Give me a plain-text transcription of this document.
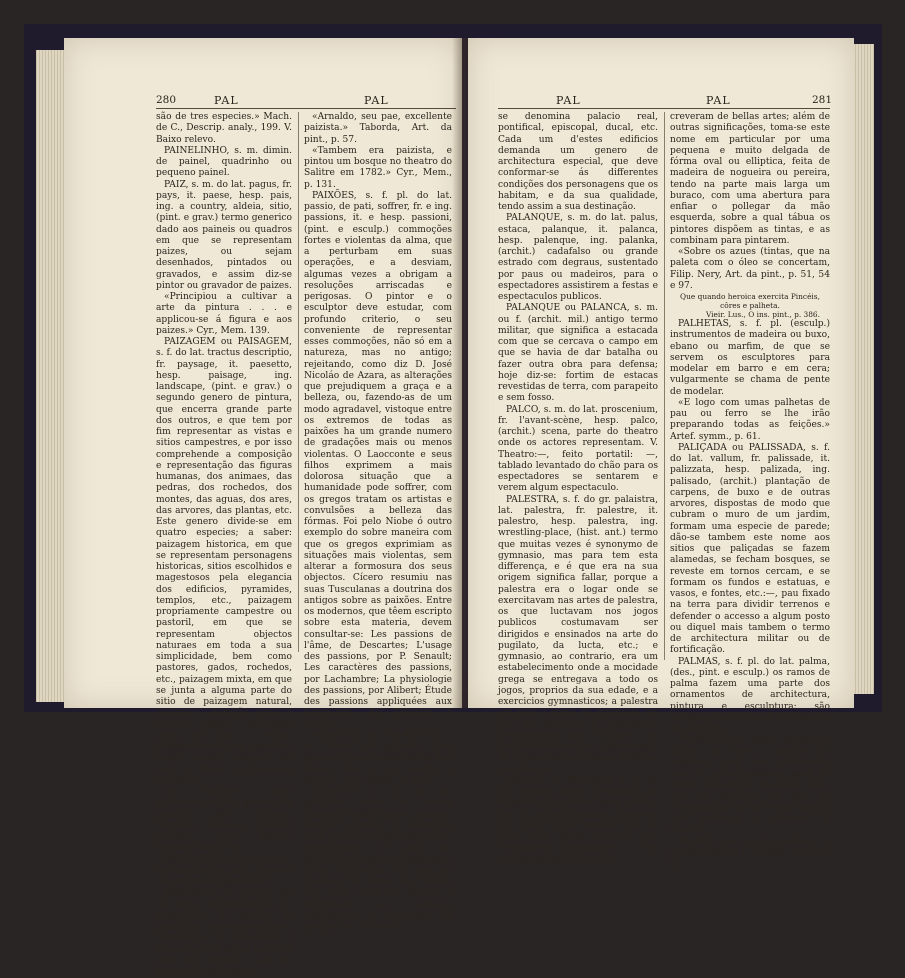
280	PAL	PAL

são de tres especies.» Mach. de C., Descrip. analy., 199. V. Baixo relevo.

PAINELINHO, s. m. dimin. de painel, quadrinho ou pequeno painel.

PAIZ, s. m. do lat. pagus, fr. pays, it. paese, hesp. pais, ing. a country, aldeia, sitio, (pint. e grav.) termo generico dado aos paineis ou quadros em que se representam paizes, ou sejam desenhados, pintados ou gravados, e assim diz-se pintor ou gravador de paizes.

«Principiou a cultivar a arte da pintura . . . e applicou-se á figura e aos paizes.» Cyr., Mem. 139.

PAIZAGEM ou PAISAGEM, s. f. do lat. tractus descriptio, fr. paysage, it. paesetto, hesp. paisage, ing. landscape, (pint. e grav.) o segundo genero de pintura, que encerra grande parte dos outros, e que tem por fim representar as vistas e sitios campestres, e por isso comprehende a composição e representação das figuras humanas, dos animaes, das pedras, dos rochedos, dos montes, das aguas, dos ares, das arvores, das plantas, etc. Este genero divide-se em quatro especies; a saber: paizagem historica, em que se representam personagens historicas, sitios escolhidos e magestosos pela elegancia dos edificios, pyramides, templos, etc., paizagem propriamente campestre ou pastoril, em que se representam objectos naturaes em toda a sua simplicidade, bem como pastores, gados, rochedos, etc., paizagem mixta, em que se junta a alguma parte do sitio de paizagem natural, qualquer alteração para o melhor effeito, paizagem ideal, em que o artista livremente compõe o quadro, tendo porém sempre em vista o effeito da natureza em geral.

Os auctores mais abalisados n'este genero de pintura são Ticiano, Carache, Poussin, Claudio Lorrene, Paulo Pottar, Salvador Rosa, etc.

PAIZAGISTA, s. m. dos 2 g., do caracter de paiz, o pintor ou pintora de paizagens.

PAIZISTA, s. m. dos 2 g., do lat. pictor topographicus, fr. paysagiste, it. pittore di paesi, ing. landscape-painter, contracção de paizagista: o artista que se dá ou entre os sexo que exercita a arte de pintura de paizagens.

«Arnaldo, seu pae, excellente paizista.» Taborda, Art. da pint., p. 57.

«Tambem era paizista, e pintou um bosque no theatro do Salitre em 1782.» Cyr., Mem., p. 131.

PAIXÕES, s. f. pl. do lat. passio, de pati, soffrer, fr. e ing. passions, it. e hesp. passioni, (pint. e esculp.) commoções fortes e violentas da alma, que a perturbam em suas operações, e a desviam, algumas vezes a obrigam a resoluções arriscadas e perigosas. O pintor e o esculptor deve estudar, com profundo criterio, o seu conveniente de representar esses commoções, não só em a natureza, mas no antigo; rejeitando, como diz D. José Nicoláo de Azara, as alterações que prejudiquem a graça e a belleza, ou, fazendo-as de um modo agradavel, vistoque entre os extremos de todas as paixões ha um grande numero de gradações mais ou menos violentas. O Laocconte e seus filhos exprimem a mais dolorosa situação que a humanidade pode soffrer, com os gregos tratam os artistas e convulsões a belleza das fórmas. Foi pelo Niobe ó outro exemplo do sobre maneira com que os gregos exprimiam as situações mais violentas, sem alterar a formosura dos seus objectos. Cícero resumiu nas suas Tusculanas a doutrina dos antigos sobre as paixões. Entre os modernos, que têem escripto sobre esta materia, devem consultar-se: Les passions de l'âme, de Descartes; L'usage des passions, por P. Senault; Les caractères des passions, por Lachambre; La physiologie des passions, por Alibert; Étude des passions appliquées aux beaux-arts, de Delestre e outros.

PALACETE ou PALACETO, s. m. dimin. de palacio. «Um palaceto para habitação de sua altera real, e no centro a egreja». Cyr., Mem., p. 237.

PALACIO, s. m. do lat. palatium, deriv. do monte Palatino, onde Augusto mandou edificar grande e magnifica casa para sua habitação, (arch. significação: 1.º, paço ou edificio que habita o imperador, o rei, o principe; 2.º, casa do cardeal, do bispo, do duque; 3.º, casa onde se acham a funcionam as camaras legislativas, os tribunaes de justiça, etc., e assim

PAL	PAL	281

se denomina palacio real, pontifical, episcopal, ducal, etc. Cada um d'estes edificios demanda um genero de architectura especial, que deve conformar-se ás differentes condições dos personagens que os habitam, e da sua qualidade, tendo assim a sua destinação.

PALANQUE, s. m. do lat. palus, estaca, palanque, it. palanca, hesp. palenque, ing. palanka, (archit.) cadafalso ou grande estrado com degraus, sustentado por paus ou madeiros, para o espectadores assistirem a festas e espectaculos publicos.

PALANQUE ou PALANCA, s. m. ou f. (archit. mil.) antigo termo militar, que significa a estacada com que se cercava o campo em que se havia de dar batalha ou fazer outra obra para defensa; hoje diz-se: fortim de estacas revestidas de terra, com parapeito e sem fosso.

PALCO, s. m. do lat. proscenium, fr. l'avant-scène, hesp. palco, (archit.) scena, parte do theatro onde os actores representam. V. Theatro:—, feito portatil: —, tablado levantado do chão para os espectadores se sentarem e verem algum espectaculo.

PALESTRA, s. f. do gr. palaistra, lat. palestra, fr. palestre, it. palestro, hesp. palestra, ing. wrestling-place, (hist. ant.) termo que muitas vezes é synonymo de gymnasio, mas para tem esta differença, e é que era na sua origem significa fallar, porque a palestra era o logar onde se exercitavam nas artes de palestra, os que luctavam nos jogos publicos costumavam ser dirigidos e ensinados na arte do pugilato, da lucta, etc.; e gymnasio, ao contrario, era um estabelecimento onde a mocidade grega se entregava a todo os jogos, proprios da sua edade, e a exercicios gymnasticos; a palestra era pois a parte do gymnasio em que se ensinava a gymnastica propriamente dita. Vitruvio, em sua Architectura, liv. v, descreve e dá o plano de um d'estes edificios dos antigos.

PALETA ou PALHETA, s. f. do lat. palmula, dimin. de palma, pá, fr. palette, it. paletta, hesp. paleta, ing. a painter's-palette, pequena pá, (pint.) e da maneira que se acha este nome escripto nos diccionarios portuguezes, e nos escriptores artisticos que

creveram de bellas artes; além de outras significações, toma-se este nome em particular por uma pequena e muito delgada de fórma oval ou elliptica, feita de madeira de nogueira ou pereira, tendo na parte mais larga um buraco, com uma abertura para enfiar o pollegar da mão esquerda, sobre a qual tábua os pintores dispõem as tintas, e as combinam para pintarem.

«Sobre os azues (tintas, que na paleta com o óleo se concertam, Filip. Nery, Art. da pint., p. 51, 54 e 97.

Que quando heroica exercita Pincéis, côres e palheta.

Vieir. Lus., O ins. pint., p. 386.

PALHETAS, s. f. pl. (esculp.) instrumentos de madeira ou buxo, ebano ou marfim, de que se servem os esculptores para modelar em barro e em cera; vulgarmente se chama de pente de modelar.

«E logo com umas palhetas de pau ou ferro se lhe irão preparando todas as feições.» Artef. symm., p. 61.

PALIÇADA ou PALISSADA, s. f. do lat. vallum, fr. palissade, it. palizzata, hesp. palizada, ing. palisado, (archit.) plantação de carpens, de buxo e de outras arvores, dispostas de modo que cubram o muro de um jardim, formam uma especie de parede; dão-se tambem este nome aos sitios que paliçadas se fazem alamedas, se fecham bosques, se reveste em tornos cercam, e se formam os fundos e estatuas, e vasos, e fontes, etc.:—, pau fixado na terra para dividir terrenos e defender o accesso a algum posto ou diquel mais tambem o termo de architectura militar ou de fortificação.

PALMAS, s. f. pl. do lat. palma, (des., pint. e esculp.) os ramos de palma fazem uma parte dos ornamentos de architectura, pintura e esculptura: são attributos de victoria e symbolos de martyrio.

PALMETA, s. f. dimin. de palma, cunha de ferro, chumbo ou madeira, com tres differentes usos e principalmente para se metter debaixo de qualquer peso, que se levantar, ou que se pretenda dar-lhe um tempo para o que pretende a aprumar. V. Cunha.

PALMO, s. m. do lat. palmus, it. palmo, (archit.) medida romana, to-
